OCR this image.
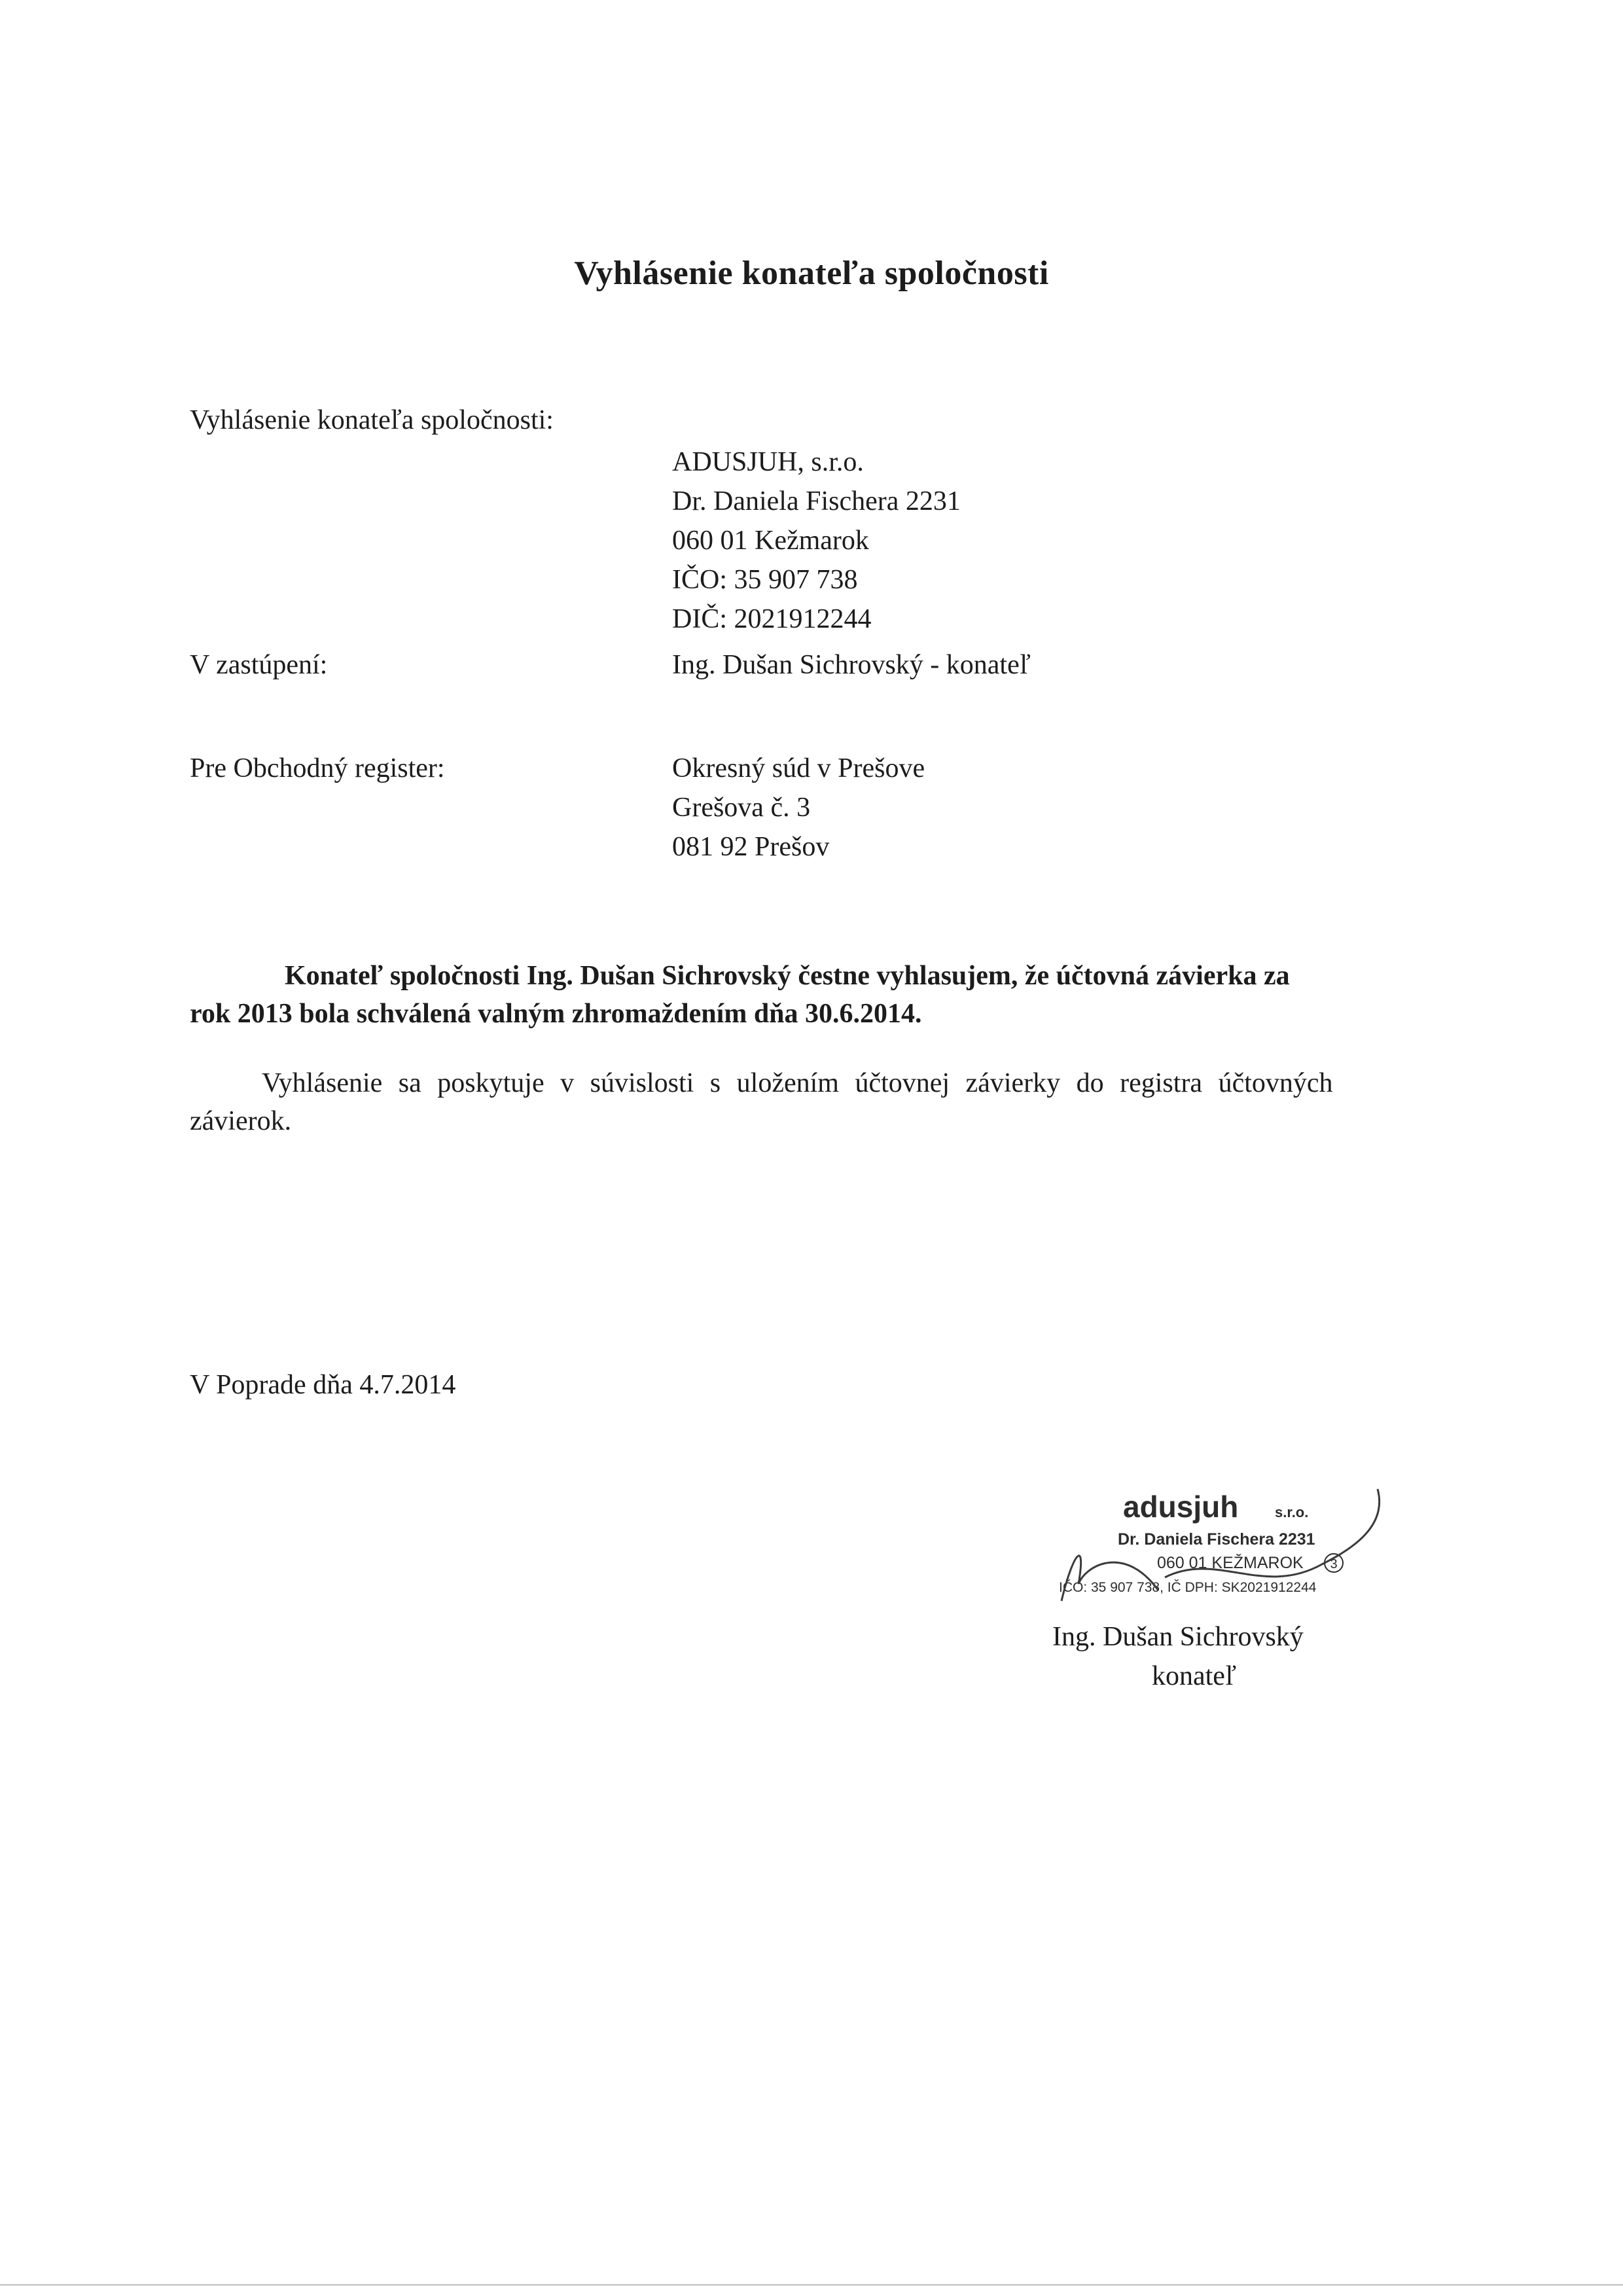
Vyhlásenie konateľa spoločnosti
Vyhlásenie konateľa spoločnosti:
ADUSJUH, s.r.o.
Dr. Daniela Fischera 2231
060 01 Kežmarok
IČO: 35 907 738
DIČ: 2021912244
V zastúpení:	Ing. Dušan Sichrovský - konateľ
Pre Obchodný register:	Okresný súd v Prešove
Grešova č. 3
081 92 Prešov
Konateľ spoločnosti Ing. Dušan Sichrovský čestne vyhlasujem, že účtovná závierka za
rok 2013 bola schválená valným zhromaždením dňa 30.6.2014.
Vyhlásenie sa poskytuje v súvislosti s uložením účtovnej závierky do registra účtovných
závierok.
V Poprade dňa 4.7.2014
adusjuh	s.r.o.
Dr. Daniela Fischera 2231
060 01 KEŽMAROK 3
IČO: 35 907 738, IČ DPH: SK2021912244
Ing. Dušan Sichrovský
konateľ
